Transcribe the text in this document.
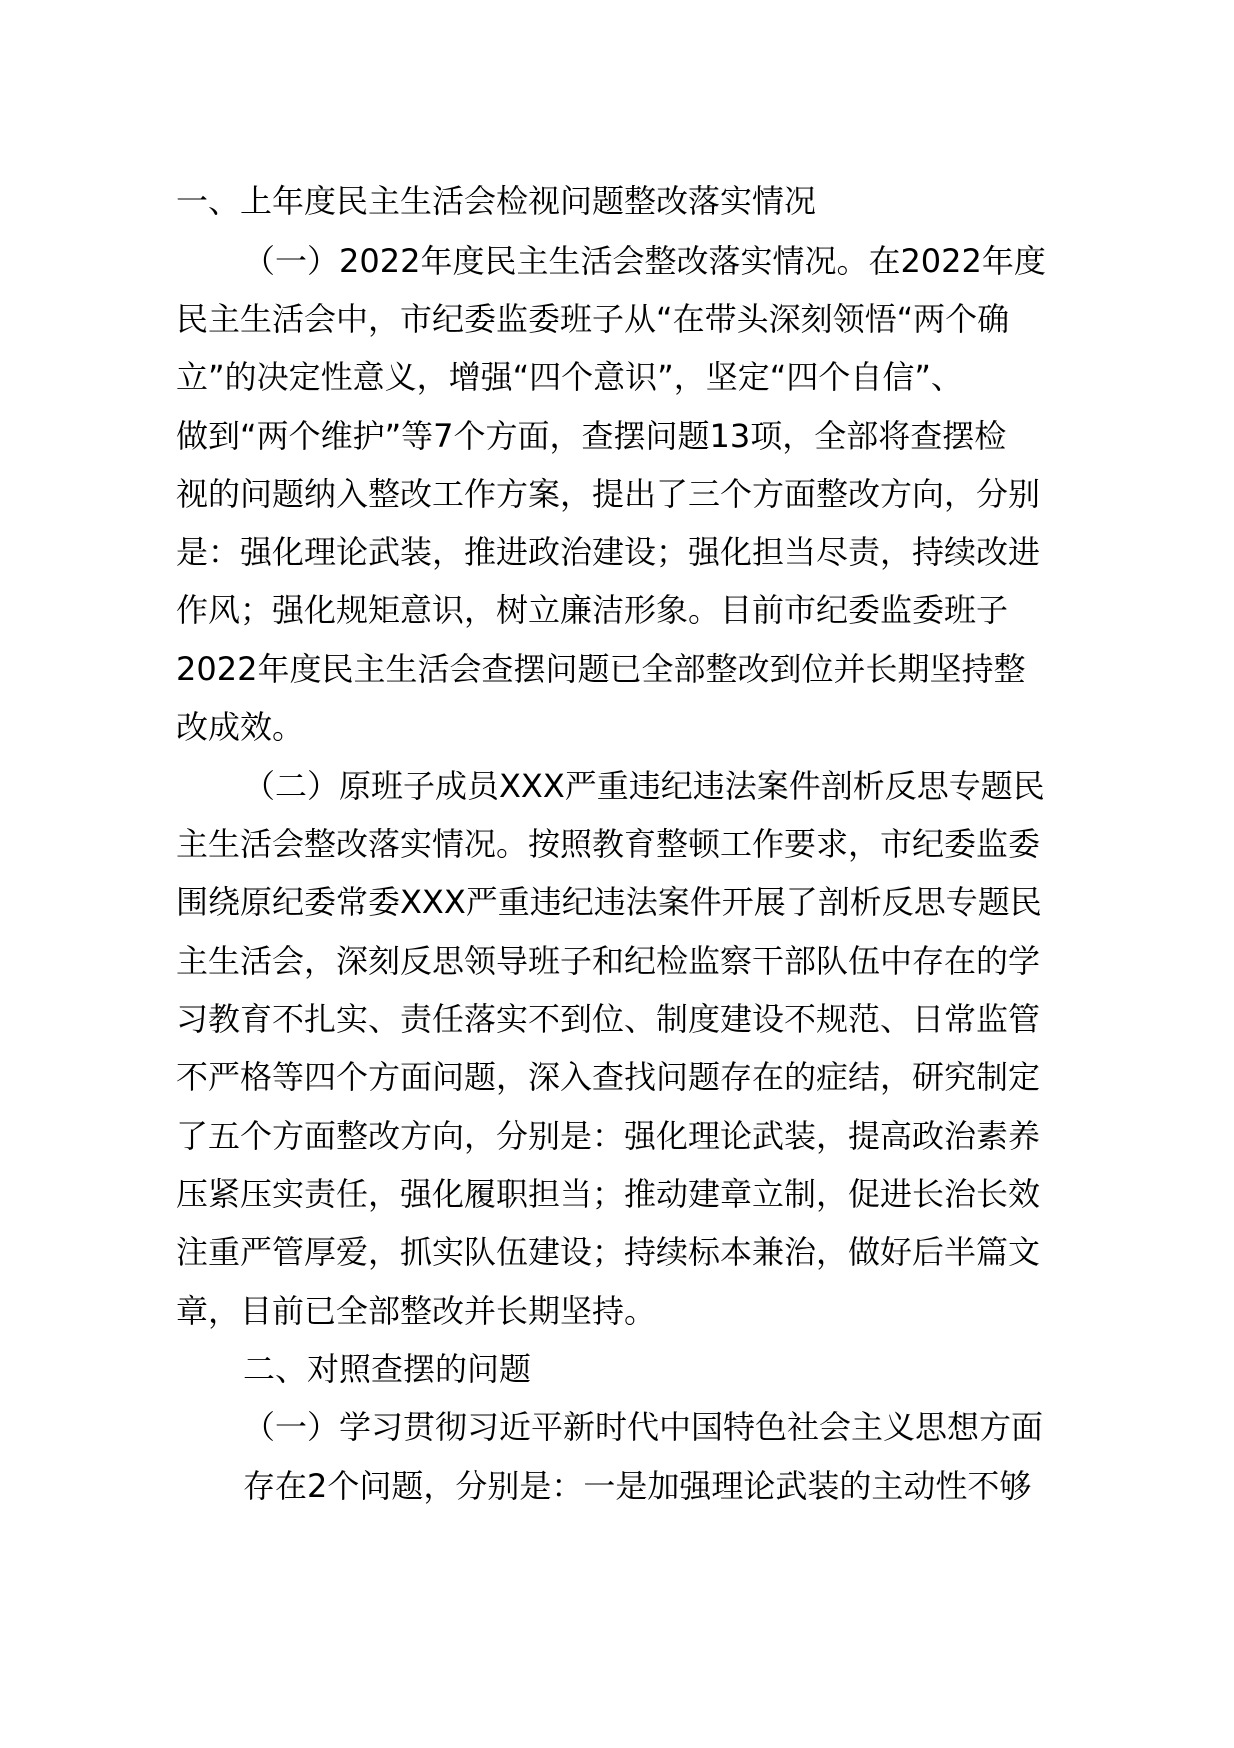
一、上年度民主生活会检视问题整改落实情况
（一）2022年度民主生活会整改落实情况。在2022年度
民主生活会中，市纪委监委班子从“在带头深刻领悟“两个确
立”的决定性意义，增强“四个意识”，坚定“四个自信”、
做到“两个维护”等7个方面，查摆问题13项，全部将查摆检
视的问题纳入整改工作方案，提出了三个方面整改方向，分别
是：强化理论武装，推进政治建设；强化担当尽责，持续改进
作风；强化规矩意识，树立廉洁形象。目前市纪委监委班子
2022年度民主生活会查摆问题已全部整改到位并长期坚持整
改成效。
（二）原班子成员XXX严重违纪违法案件剖析反思专题民
主生活会整改落实情况。按照教育整顿工作要求，市纪委监委
围绕原纪委常委XXX严重违纪违法案件开展了剖析反思专题民
主生活会，深刻反思领导班子和纪检监察干部队伍中存在的学
习教育不扎实、责任落实不到位、制度建设不规范、日常监管
不严格等四个方面问题，深入查找问题存在的症结，研究制定
了五个方面整改方向，分别是：强化理论武装，提高政治素养
压紧压实责任，强化履职担当；推动建章立制，促进长治长效
注重严管厚爱，抓实队伍建设；持续标本兼治，做好后半篇文
章，目前已全部整改并长期坚持。
二、对照查摆的问题
（一）学习贯彻习近平新时代中国特色社会主义思想方面
存在2个问题，分别是：一是加强理论武装的主动性不够
